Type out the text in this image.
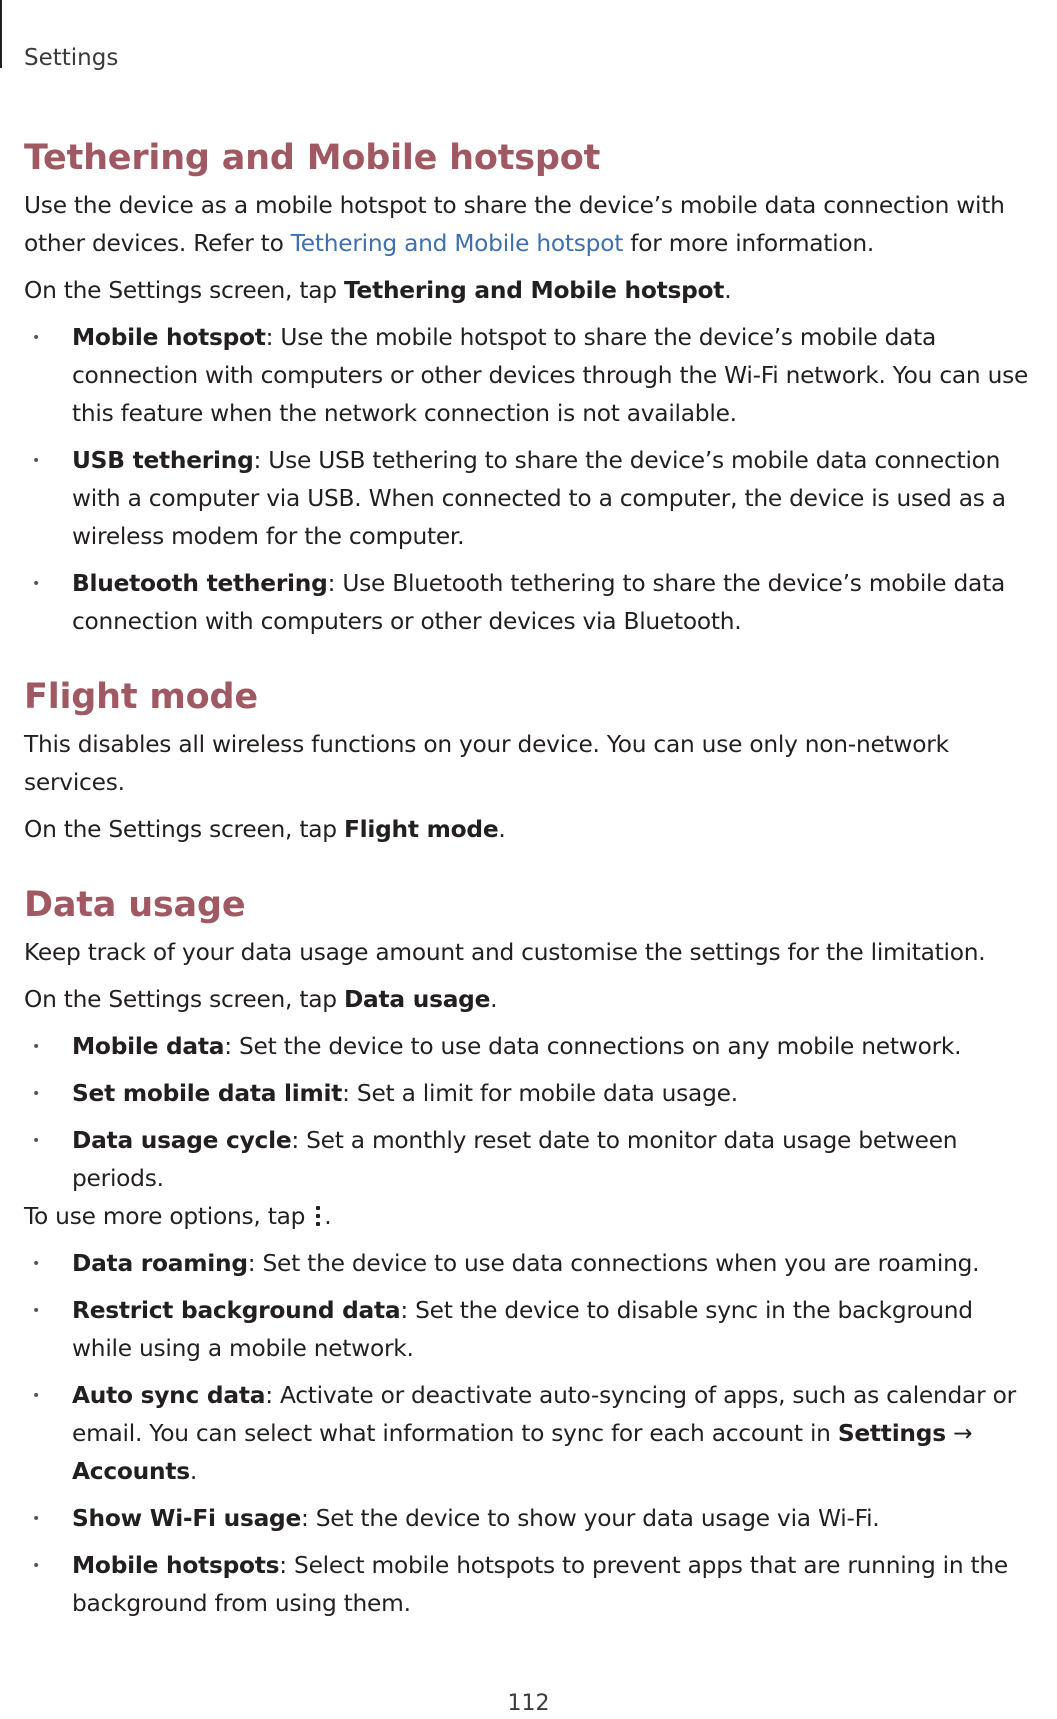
Settings
Tethering and Mobile hotspot

Use the device as a mobile hotspot to share the device’s mobile data connection with other devices. Refer to Tethering and Mobile hotspot for more information.

On the Settings screen, tap Tethering and Mobile hotspot.

• Mobile hotspot: Use the mobile hotspot to share the device’s mobile data connection with computers or other devices through the Wi-Fi network. You can use this feature when the network connection is not available.
• USB tethering: Use USB tethering to share the device’s mobile data connection with a computer via USB. When connected to a computer, the device is used as a wireless modem for the computer.
• Bluetooth tethering: Use Bluetooth tethering to share the device’s mobile data connection with computers or other devices via Bluetooth.
Flight mode

This disables all wireless functions on your device. You can use only non-network services.

On the Settings screen, tap Flight mode.

Data usage

Keep track of your data usage amount and customise the settings for the limitation.

On the Settings screen, tap Data usage.

• Mobile data: Set the device to use data connections on any mobile network.
• Set mobile data limit: Set a limit for mobile data usage.
• Data usage cycle: Set a monthly reset date to monitor data usage between periods.

To use more options, tap
.

• Data roaming: Set the device to use data connections when you are roaming.
• Restrict background data: Set the device to disable sync in the background while using a mobile network.
• Auto sync data: Activate or deactivate auto-syncing of apps, such as calendar or email. You can select what information to sync for each account in Settings → Accounts.
• Show Wi-Fi usage: Set the device to show your data usage via Wi-Fi.
• Mobile hotspots: Select mobile hotspots to prevent apps that are running in the background from using them.
112
